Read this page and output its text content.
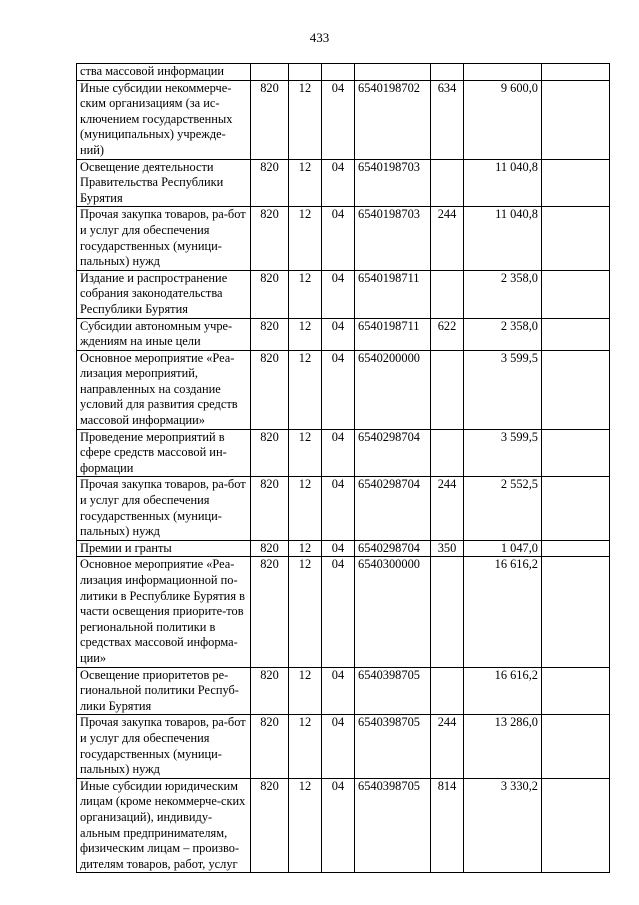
433
ства массовой информации							
Иные субсидии некоммерче-ским организациям (за ис-ключением государственных (муниципальных) учрежде-ний)	820	12	04	6540198702	634	9 600,0	
Освещение деятельности Правительства Республики Бурятия	820	12	04	6540198703		11 040,8	
Прочая закупка товаров, ра-бот и услуг для обеспечения государственных (муници-пальных) нужд	820	12	04	6540198703	244	11 040,8	
Издание и распространение собрания законодательства Республики Бурятия	820	12	04	6540198711		2 358,0	
Субсидии автономным учре-ждениям на иные цели	820	12	04	6540198711	622	2 358,0	
Основное мероприятие «Реа-лизация мероприятий, направленных на создание условий для развития средств массовой информации»	820	12	04	6540200000		3 599,5	
Проведение мероприятий в сфере средств массовой ин-формации	820	12	04	6540298704		3 599,5	
Прочая закупка товаров, ра-бот и услуг для обеспечения государственных (муници-пальных) нужд	820	12	04	6540298704	244	2 552,5	
Премии и гранты	820	12	04	6540298704	350	1 047,0	
Основное мероприятие «Реа-лизация информационной по-литики в Республике Бурятия в части освещения приорите-тов региональной политики в средствах массовой информа-ции»	820	12	04	6540300000		16 616,2	
Освещение приоритетов ре-гиональной политики Респуб-лики Бурятия	820	12	04	6540398705		16 616,2	
Прочая закупка товаров, ра-бот и услуг для обеспечения государственных (муници-пальных) нужд	820	12	04	6540398705	244	13 286,0	
Иные субсидии юридическим лицам (кроме некоммерче-ских организаций), индивиду-альным предпринимателям, физическим лицам – произво-дителям товаров, работ, услуг	820	12	04	6540398705	814	3 330,2	
